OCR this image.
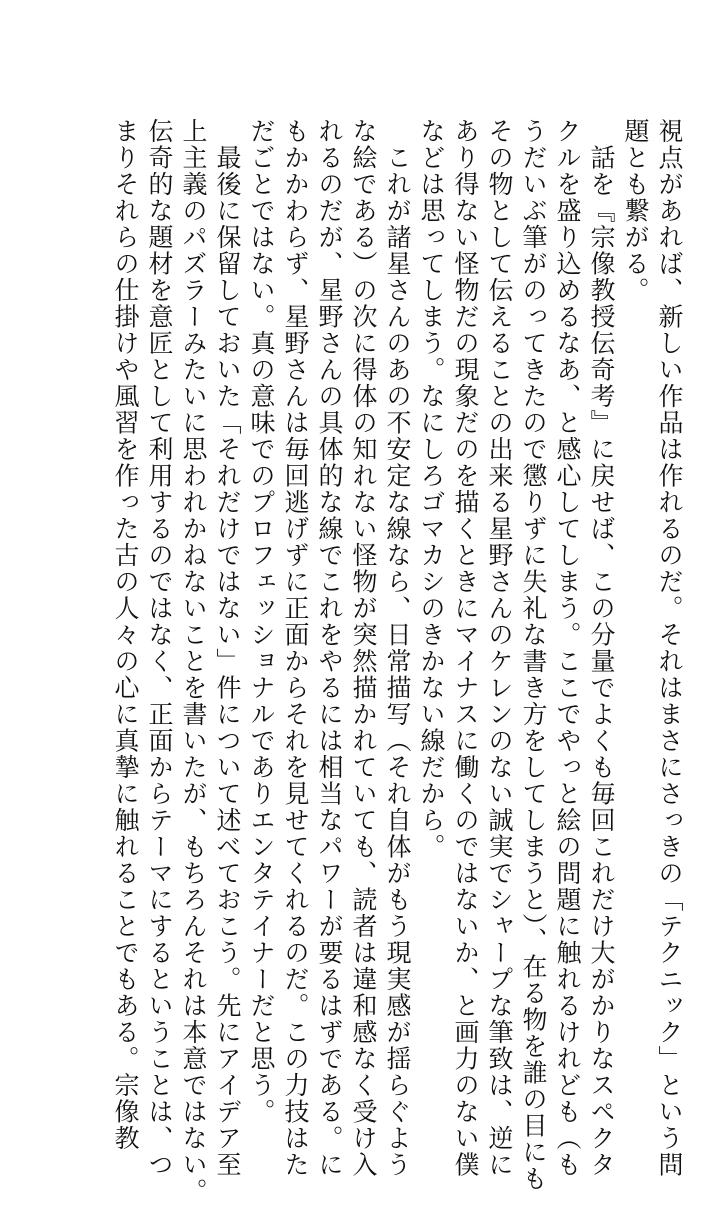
視点があれば、新しい作品は作れるのだ。それはまさにさっきの「テクニック」という問

題とも繋がる。

　話を『宗像教授伝奇考』に戻せば、この分量でよくも毎回これだけ大がかりなスペクタ

クルを盛り込めるなあ、と感心してしまう。ここでやっと絵の問題に触れるけれども（も

うだいぶ筆がのってきたので懲りずに失礼な書き方をしてしまうと）、在る物を誰の目にも

その物として伝えることの出来る星野さんのケレンのない誠実でシャープな筆致は、逆に

あり得ない怪物だの現象だのを描くときにマイナスに働くのではないか、と画力のない僕

などは思ってしまう。なにしろゴマカシのきかない線だから。

　これが諸星さんのあの不安定な線なら、日常描写（それ自体がもう現実感が揺らぐよう

な絵である）の次に得体の知れない怪物が突然描かれていても、読者は違和感なく受け入

れるのだが、星野さんの具体的な線でこれをやるには相当なパワーが要るはずである。に

もかかわらず、星野さんは毎回逃げずに正面からそれを見せてくれるのだ。この力技はた

だごとではない。真の意味でのプロフェッショナルでありエンタテイナーだと思う。

　最後に保留しておいた「それだけではない」件について述べておこう。先にアイデア至

上主義のパズラーみたいに思われかねないことを書いたが、もちろんそれは本意ではない。

伝奇的な題材を意匠として利用するのではなく、正面からテーマにするということは、つ

まりそれらの仕掛けや風習を作った古の人々の心に真摯に触れることでもある。宗像教
